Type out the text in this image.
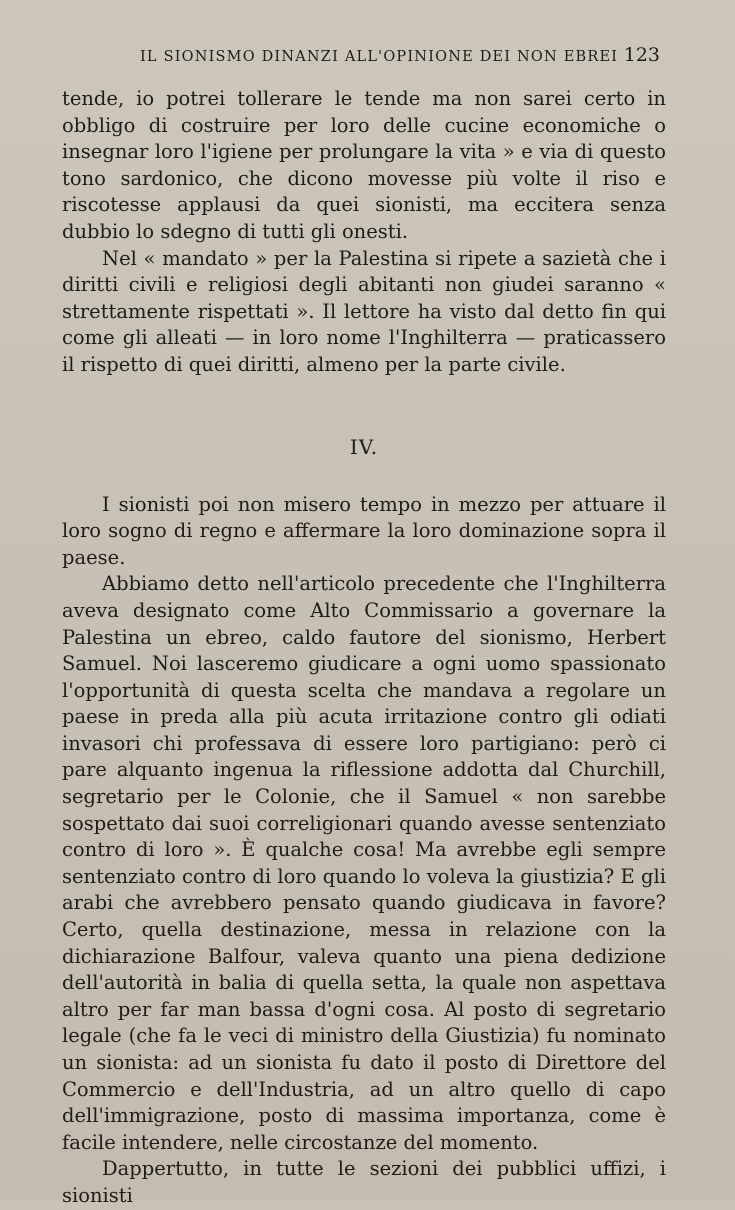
IL SIONISMO DINANZI ALL'OPINIONE DEI NON EBREI 123

tende, io potrei tollerare le tende ma non sarei certo in obbligo di costruire per loro delle cucine economiche o insegnar loro l'igiene per prolungare la vita » e via di questo tono sardonico, che dicono movesse più volte il riso e riscotesse applausi da quei sionisti, ma eccitera senza dubbio lo sdegno di tutti gli onesti.

Nel « mandato » per la Palestina si ripete a sazietà che i diritti civili e religiosi degli abitanti non giudei saranno « strettamente rispettati ». Il lettore ha visto dal detto fin qui come gli alleati — in loro nome l'Inghilterra — praticassero il rispetto di quei diritti, almeno per la parte civile.

IV.

I sionisti poi non misero tempo in mezzo per attuare il loro sogno di regno e affermare la loro dominazione sopra il paese.

Abbiamo detto nell'articolo precedente che l'Inghilterra aveva designato come Alto Commissario a governare la Palestina un ebreo, caldo fautore del sionismo, Herbert Samuel. Noi lasceremo giudicare a ogni uomo spassionato l'opportunità di questa scelta che mandava a regolare un paese in preda alla più acuta irritazione contro gli odiati invasori chi professava di essere loro partigiano: però ci pare alquanto ingenua la riflessione addotta dal Churchill, segretario per le Colonie, che il Samuel « non sarebbe sospettato dai suoi correligionari quando avesse sentenziato contro di loro ». È qualche cosa! Ma avrebbe egli sempre sentenziato contro di loro quando lo voleva la giustizia? E gli arabi che avrebbero pensato quando giudicava in favore? Certo, quella destinazione, messa in relazione con la dichiarazione Balfour, valeva quanto una piena dedizione dell'autorità in balia di quella setta, la quale non aspettava altro per far man bassa d'ogni cosa. Al posto di segretario legale (che fa le veci di ministro della Giustizia) fu nominato un sionista: ad un sionista fu dato il posto di Direttore del Commercio e dell'Industria, ad un altro quello di capo dell'immigrazione, posto di massima importanza, come è facile intendere, nelle circostanze del momento.

Dappertutto, in tutte le sezioni dei pubblici uffizi, i sionisti
